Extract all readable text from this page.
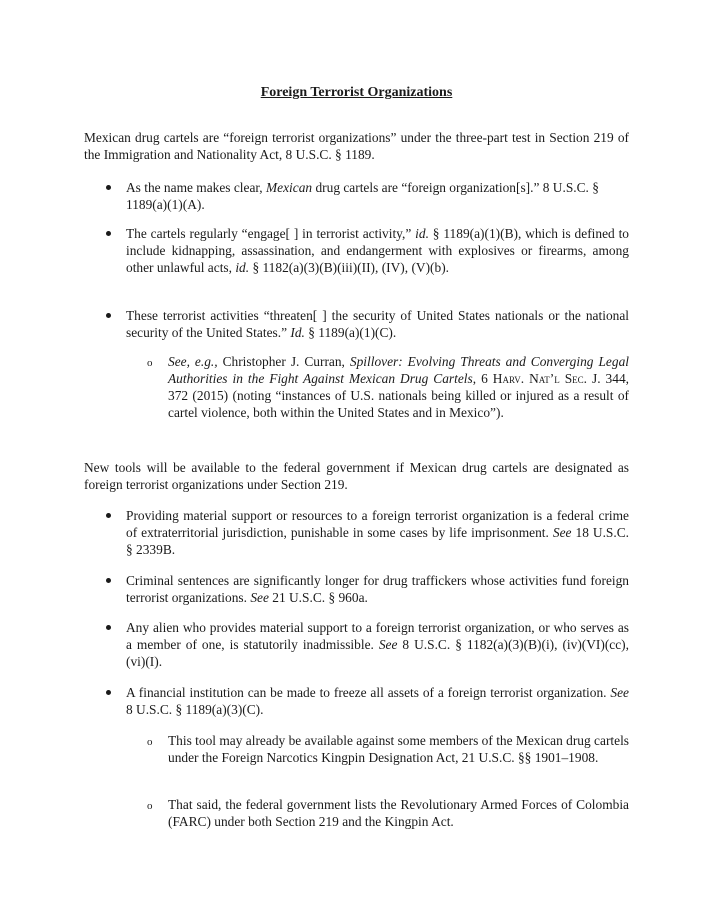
Foreign Terrorist Organizations
Mexican drug cartels are “foreign terrorist organizations” under the three-part test in Section 219 of the Immigration and Nationality Act, 8 U.S.C. § 1189.
As the name makes clear, Mexican drug cartels are “foreign organization[s].” 8 U.S.C. § 1189(a)(1)(A).
The cartels regularly “engage[ ] in terrorist activity,” id. § 1189(a)(1)(B), which is defined to include kidnapping, assassination, and endangerment with explosives or firearms, among other unlawful acts, id. § 1182(a)(3)(B)(iii)(II), (IV), (V)(b).
These terrorist activities “threaten[ ] the security of United States nationals or the national security of the United States.” Id. § 1189(a)(1)(C).
o See, e.g., Christopher J. Curran, Spillover: Evolving Threats and Converging Legal Authorities in the Fight Against Mexican Drug Cartels, 6 Harv. Nat’l Sec. J. 344, 372 (2015) (noting “instances of U.S. nationals being killed or injured as a result of cartel violence, both within the United States and in Mexico”).
New tools will be available to the federal government if Mexican drug cartels are designated as foreign terrorist organizations under Section 219.
Providing material support or resources to a foreign terrorist organization is a federal crime of extraterritorial jurisdiction, punishable in some cases by life imprisonment. See 18 U.S.C. § 2339B.
Criminal sentences are significantly longer for drug traffickers whose activities fund foreign terrorist organizations. See 21 U.S.C. § 960a.
Any alien who provides material support to a foreign terrorist organization, or who serves as a member of one, is statutorily inadmissible. See 8 U.S.C. § 1182(a)(3)(B)(i), (iv)(VI)(cc), (vi)(I).
A financial institution can be made to freeze all assets of a foreign terrorist organization. See 8 U.S.C. § 1189(a)(3)(C).
o This tool may already be available against some members of the Mexican drug cartels under the Foreign Narcotics Kingpin Designation Act, 21 U.S.C. §§ 1901–1908.
o That said, the federal government lists the Revolutionary Armed Forces of Colombia (FARC) under both Section 219 and the Kingpin Act.
